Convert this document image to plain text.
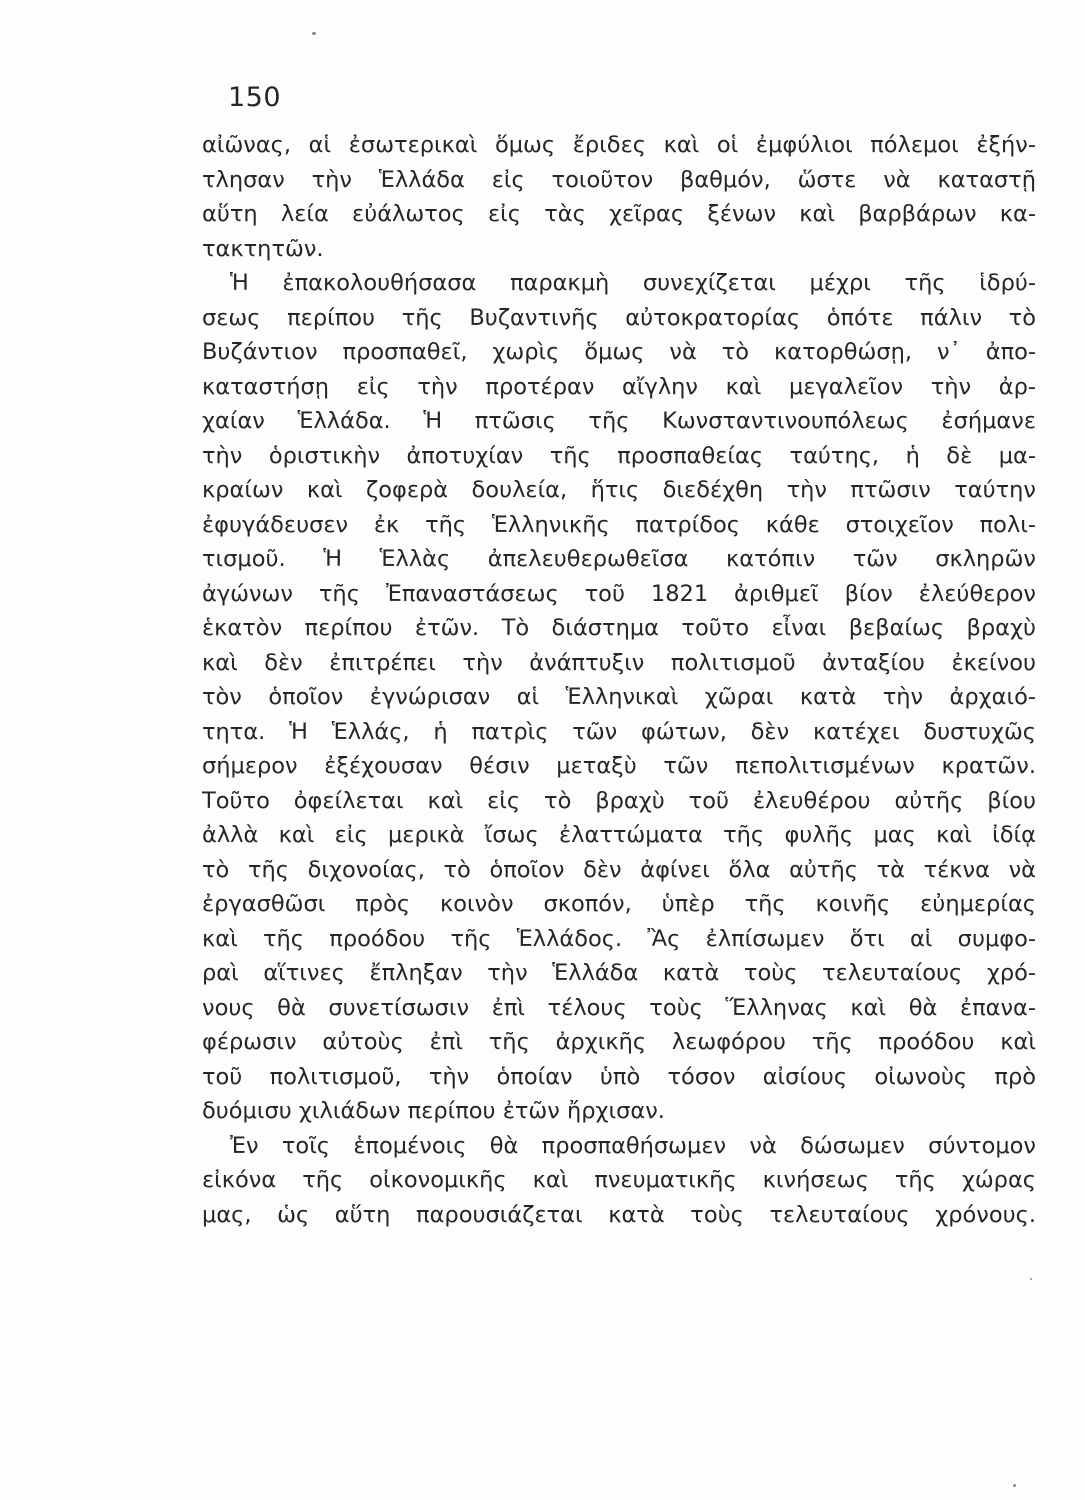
150
αἰῶνας, αἱ ἐσωτερικαὶ ὅμως ἔριδες καὶ οἱ ἐμφύλιοι πόλεμοι ἐξήν-
τλησαν τὴν Ἑλλάδα εἰς τοιοῦτον βαθμόν, ὥστε νὰ καταστῇ
αὕτη λεία εὐάλωτος εἰς τὰς χεῖρας ξένων καὶ βαρβάρων κα-
τακτητῶν.
Ἡ ἐπακολουθήσασα παρακμὴ συνεχίζεται μέχρι τῆς ἱδρύ-
σεως περίπου τῆς Βυζαντινῆς αὐτοκρατορίας ὁπότε πάλιν τὸ
Βυζάντιον προσπαθεῖ, χωρὶς ὅμως νὰ τὸ κατορθώσῃ, ν᾽ ἀπο-
καταστήσῃ εἰς τὴν προτέραν αἴγλην καὶ μεγαλεῖον τὴν ἀρ-
χαίαν Ἑλλάδα. Ἡ πτῶσις τῆς Κωνσταντινουπόλεως ἐσήμανε
τὴν ὁριστικὴν ἀποτυχίαν τῆς προσπαθείας ταύτης, ἡ δὲ μα-
κραίων καὶ ζοφερὰ δουλεία, ἥτις διεδέχθη τὴν πτῶσιν ταύτην
ἐφυγάδευσεν ἐκ τῆς Ἑλληνικῆς πατρίδος κάθε στοιχεῖον πολι-
τισμοῦ. Ἡ Ἑλλὰς ἀπελευθερωθεῖσα κατόπιν τῶν σκληρῶν
ἀγώνων τῆς Ἐπαναστάσεως τοῦ 1821 ἀριθμεῖ βίον ἐλεύθερον
ἑκατὸν περίπου ἐτῶν. Τὸ διάστημα τοῦτο εἶναι βεβαίως βραχὺ
καὶ δὲν ἐπιτρέπει τὴν ἀνάπτυξιν πολιτισμοῦ ἀνταξίου ἐκείνου
τὸν ὁποῖον ἐγνώρισαν αἱ Ἑλληνικαὶ χῶραι κατὰ τὴν ἀρχαιό-
τητα. Ἡ Ἑλλάς, ἡ πατρὶς τῶν φώτων, δὲν κατέχει δυστυχῶς
σήμερον ἐξέχουσαν θέσιν μεταξὺ τῶν πεπολιτισμένων κρατῶν.
Τοῦτο ὀφείλεται καὶ εἰς τὸ βραχὺ τοῦ ἐλευθέρου αὐτῆς βίου
ἀλλὰ καὶ εἰς μερικὰ ἴσως ἐλαττώματα τῆς φυλῆς μας καὶ ἰδίᾳ
τὸ τῆς διχονοίας, τὸ ὁποῖον δὲν ἀφίνει ὅλα αὐτῆς τὰ τέκνα νὰ
ἐργασθῶσι πρὸς κοινὸν σκοπόν, ὑπὲρ τῆς κοινῆς εὐημερίας
καὶ τῆς προόδου τῆς Ἑλλάδος. Ἂς ἐλπίσωμεν ὅτι αἱ συμφο-
ραὶ αἵτινες ἔπληξαν τὴν Ἑλλάδα κατὰ τοὺς τελευταίους χρό-
νους θὰ συνετίσωσιν ἐπὶ τέλους τοὺς Ἕλληνας καὶ θὰ ἐπανα-
φέρωσιν αὐτοὺς ἐπὶ τῆς ἀρχικῆς λεωφόρου τῆς προόδου καὶ
τοῦ πολιτισμοῦ, τὴν ὁποίαν ὑπὸ τόσον αἰσίους οἰωνοὺς πρὸ
δυόμισυ χιλιάδων περίπου ἐτῶν ἤρχισαν.
Ἐν τοῖς ἑπομένοις θὰ προσπαθήσωμεν νὰ δώσωμεν σύντομον
εἰκόνα τῆς οἰκονομικῆς καὶ πνευματικῆς κινήσεως τῆς χώρας
μας, ὡς αὕτη παρουσιάζεται κατὰ τοὺς τελευταίους χρόνους.
